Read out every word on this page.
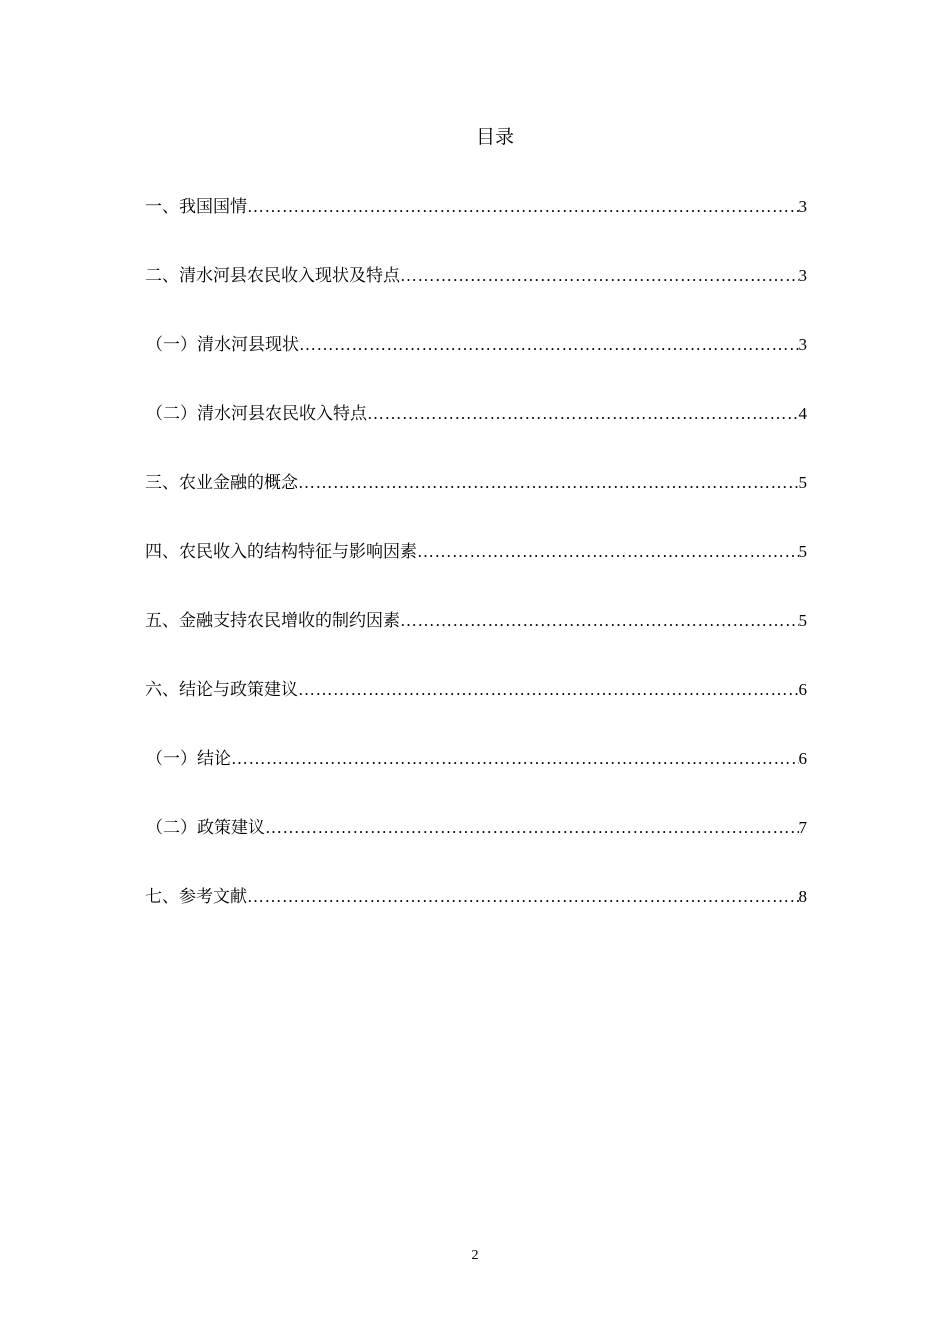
目录
一、我国国情 ……………………………………………………………………………………………………………………………………………………………………………………………………	3
二、清水河县农民收入现状及特点 ……………………………………………………………………………………………………………………………………………………………………………………………………	3
（一）清水河县现状 ……………………………………………………………………………………………………………………………………………………………………………………………………	3
（二）清水河县农民收入特点 ……………………………………………………………………………………………………………………………………………………………………………………………………	4
三、农业金融的概念 ……………………………………………………………………………………………………………………………………………………………………………………………………	5
四、农民收入的结构特征与影响因素 ……………………………………………………………………………………………………………………………………………………………………………………………………	5
五、金融支持农民增收的制约因素 ……………………………………………………………………………………………………………………………………………………………………………………………………	5
六、结论与政策建议 ……………………………………………………………………………………………………………………………………………………………………………………………………	6
（一）结论 ……………………………………………………………………………………………………………………………………………………………………………………………………	6
（二）政策建议 ……………………………………………………………………………………………………………………………………………………………………………………………………	7
七、参考文献 ……………………………………………………………………………………………………………………………………………………………………………………………………	8
2
